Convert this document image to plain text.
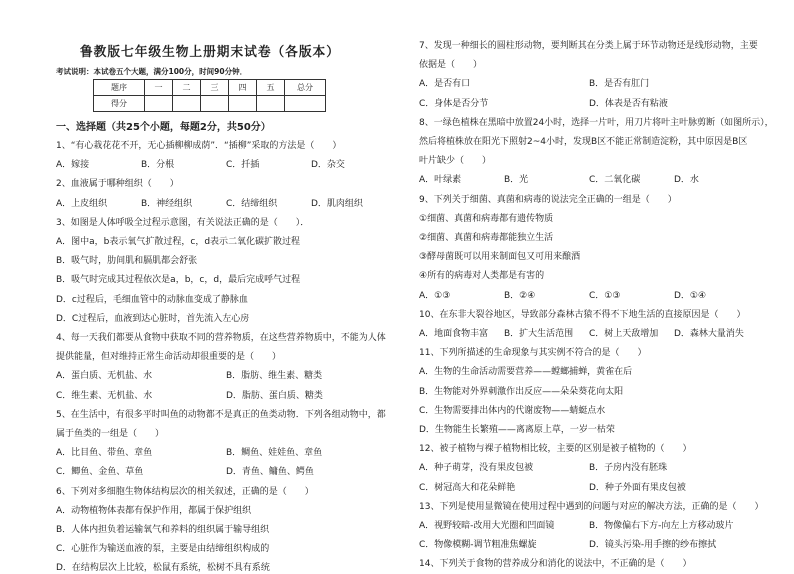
鲁教版七年级生物上册期末试卷（各版本）
考试说明：本试卷五个大题，满分100分，时间90分钟．
题序	一	二	三	四	五	总分
得分						
一、选择题（共25个小题，每题2分，共50分）
1、“有心栽花花不开，无心插柳柳成荫”．“插柳”采取的方法是（　　）
A．嫁接	B．分根	C．扦插	D．杂交
2、血液属于哪种组织（　　）
A．上皮组织	B．神经组织	C．结缔组织	D．肌肉组织
3、如图是人体呼吸全过程示意图，有关说法正确的是（　　）．
A．图中a，b表示氧气扩散过程，c，d表示二氧化碳扩散过程
B．吸气时，肋间肌和膈肌都会舒张
B．吸气时完成其过程依次是a，b，c，d，最后完成呼气过程
D．c过程后，毛细血管中的动脉血变成了静脉血
D．C过程后，血液到达心脏时，首先流入左心房
4、每一天我们都要从食物中获取不同的营养物质，在这些营养物质中，不能为人体
提供能量，但对维持正常生命活动却很重要的是（　　）
A．蛋白质、无机盐、水	B．脂肪、维生素、糖类
C．维生素、无机盐、水	D．脂肪、蛋白质、糖类
5、在生活中，有很多平时叫鱼的动物都不是真正的鱼类动物．下列各组动物中，都
属于鱼类的一组是（　　）
A．比目鱼、带鱼、章鱼	B．鲷鱼、娃娃鱼、章鱼
C．鲫鱼、金鱼、草鱼	D．青鱼、鳙鱼、鳄鱼
6、下列对多细胞生物体结构层次的相关叙述，正确的是（　　）
A．动物植物体表都有保护作用，都属于保护组织
B．人体内担负着运输氧气和养料的组织属于输导组织
C．心脏作为输送血液的泵，主要是由结缔组织构成的
D．在结构层次上比较，松鼠有系统，松树不具有系统
7、发现一种细长的圆柱形动物，要判断其在分类上属于环节动物还是线形动物，主要
依据是（　　）
A．是否有口	B．是否有肛门
C．身体是否分节	D．体表是否有粘液
8、一绿色植株在黑暗中放置24小时，选择一片叶，用刀片将叶主叶脉剪断（如图所示），
然后将植株放在阳光下照射2~4小时，发现B区不能正常制造淀粉，其中原因是B区
叶片缺少（　　）
A．叶绿素	B．光	C．二氧化碳	D．水
9、下列关于细菌、真菌和病毒的说法完全正确的一组是（　　）
①细菌、真菌和病毒都有遗传物质
②细菌、真菌和病毒都能独立生活
③酵母菌既可以用来制面包又可用来酿酒
④所有的病毒对人类都是有害的
A．①③	B．②④	C．①③	D．①④
10、在东非大裂谷地区，导致部分森林古猿不得不下地生活的直接原因是（　　）
A．地面食物丰富 B．扩大生活范围 C．树上天敌增加 D．森林大量消失
11、下列所描述的生命现象与其实例不符合的是（　　）
A．生物的生命活动需要营养——螳螂捕蝉，黄雀在后
B．生物能对外界刺激作出反应——朵朵葵花向太阳
C．生物需要排出体内的代谢废物——蜻蜓点水
D．生物能生长繁殖——离离原上草，一岁一枯荣
12、被子植物与裸子植物相比较，主要的区别是被子植物的（　　）
A．种子萌芽，没有果皮包被	B．子房内没有胚珠
C．树冠高大和花朵鲜艳	D．种子外面有果皮包被
13、下列是使用显微镜在使用过程中遇到的问题与对应的解决方法，正确的是（　　）
A．视野较暗-改用大光圈和凹面镜	B．物像偏右下方-向左上方移动玻片
C．物像模糊-调节粗准焦螺旋	D．镜头污染-用手擦的纱布擦拭
14、下列关于食物的营养成分和消化的说法中，不正确的是（　　）
